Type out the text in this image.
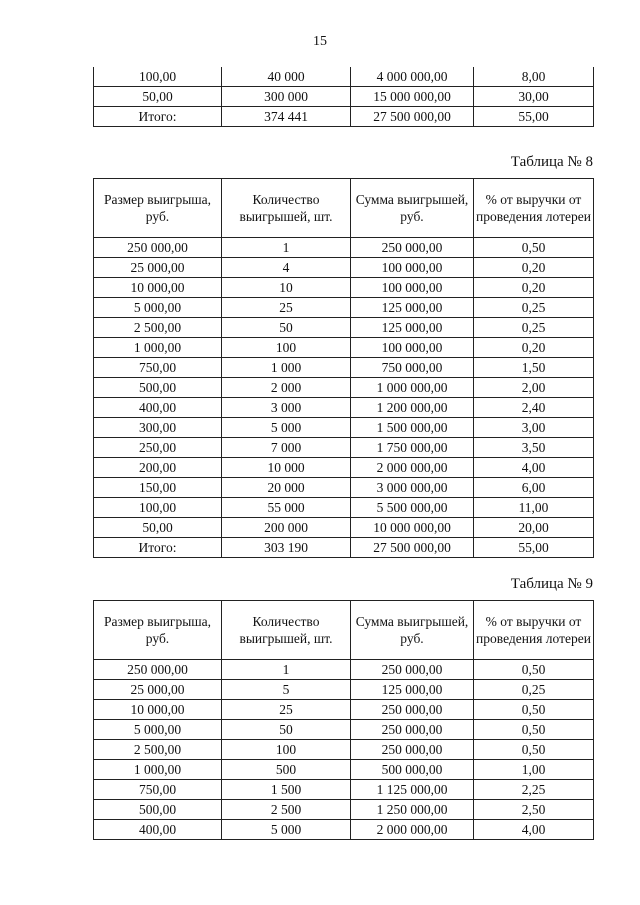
15
100,00	40 000	4 000 000,00	8,00
50,00	300 000	15 000 000,00	30,00
Итого:	374 441	27 500 000,00	55,00
Таблица № 8
Размер выигрыша, руб.	Количество выигрышей, шт.	Сумма выигрышей, руб.	% от выручки от проведения лотереи
250 000,00	1	250 000,00	0,50
25 000,00	4	100 000,00	0,20
10 000,00	10	100 000,00	0,20
5 000,00	25	125 000,00	0,25
2 500,00	50	125 000,00	0,25
1 000,00	100	100 000,00	0,20
750,00	1 000	750 000,00	1,50
500,00	2 000	1 000 000,00	2,00
400,00	3 000	1 200 000,00	2,40
300,00	5 000	1 500 000,00	3,00
250,00	7 000	1 750 000,00	3,50
200,00	10 000	2 000 000,00	4,00
150,00	20 000	3 000 000,00	6,00
100,00	55 000	5 500 000,00	11,00
50,00	200 000	10 000 000,00	20,00
Итого:	303 190	27 500 000,00	55,00
Таблица № 9
Размер выигрыша, руб.	Количество выигрышей, шт.	Сумма выигрышей, руб.	% от выручки от проведения лотереи
250 000,00	1	250 000,00	0,50
25 000,00	5	125 000,00	0,25
10 000,00	25	250 000,00	0,50
5 000,00	50	250 000,00	0,50
2 500,00	100	250 000,00	0,50
1 000,00	500	500 000,00	1,00
750,00	1 500	1 125 000,00	2,25
500,00	2 500	1 250 000,00	2,50
400,00	5 000	2 000 000,00	4,00
